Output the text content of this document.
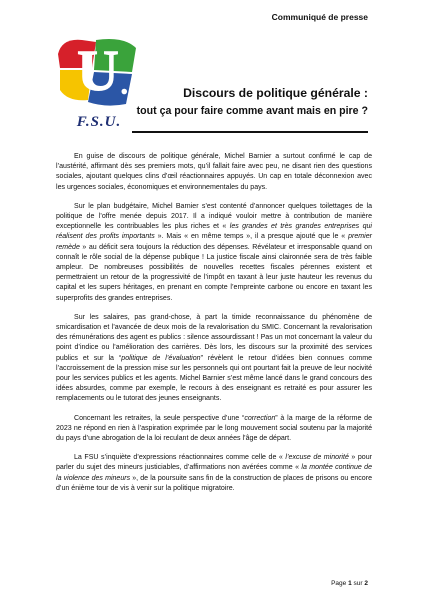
Communiqué de presse
U .
F.S.U.
Discours de politique générale :
tout ça pour faire comme avant mais en pire ?

En guise de discours de politique générale, Michel Barnier a surtout confirmé le cap de l’austérité, affirmant dès ses premiers mots, qu’il fallait faire avec peu, ne disant rien des questions sociales, ajoutant quelques clins d’œil réactionnaires appuyés. Un cap en totale déconnexion avec les urgences sociales, économiques et environnementales du pays.

Sur le plan budgétaire, Michel Barnier s’est contenté d’annoncer quelques toilettages de la politique de l’offre menée depuis 2017. Il a indiqué vouloir mettre à contribution de manière exceptionnelle les contribuables les plus riches et « les grandes et très grandes entreprises qui réalisent des profits importants ». Mais « en même temps », il a presque ajouté que le « premier remède » au déficit sera toujours la réduction des dépenses. Révélateur et irresponsable quand on connaît le rôle social de la dépense publique ! La justice fiscale ainsi claironnée sera de très faible ampleur. De nombreuses possibilités de nouvelles recettes fiscales pérennes existent et permettraient un retour de la progressivité de l’impôt en taxant à leur juste hauteur les revenus du capital et les supers héritages, en prenant en compte l’empreinte carbone ou encore en taxant les superprofits des grandes entreprises.

Sur les salaires, pas grand-chose, à part la timide reconnaissance du phénomène de smicardisation et l’avancée de deux mois de la revalorisation du SMIC. Concernant la revalorisation des rémunérations des agent es publics : silence assourdissant ! Pas un mot concernant la valeur du point d’indice ou l’amélioration des carrières. Dès lors, les discours sur la proximité des services publics et sur la “politique de l’évaluation” révèlent le retour d’idées bien connues comme l’accroissement de la pression mise sur les personnels qui ont pourtant fait la preuve de leur nocivité pour les services publics et les agents. Michel Barnier s’est même lancé dans le grand concours des idées absurdes, comme par exemple, le recours à des enseignant es retraité es pour assurer les remplacements ou le tutorat des jeunes enseignants.

Concernant les retraites, la seule perspective d’une “correction” à la marge de la réforme de 2023 ne répond en rien à l’aspiration exprimée par le long mouvement social soutenu par la majorité du pays d’une abrogation de la loi reculant de deux années l’âge de départ.

La FSU s’inquiète d’expressions réactionnaires comme celle de « l’excuse de minorité » pour parler du sujet des mineurs justiciables, d’affirmations non avérées comme « la montée continue de la violence des mineurs », de la poursuite sans fin de la construction de places de prisons ou encore d’un énième tour de vis à venir sur la politique migratoire.

Page 1 sur 2
